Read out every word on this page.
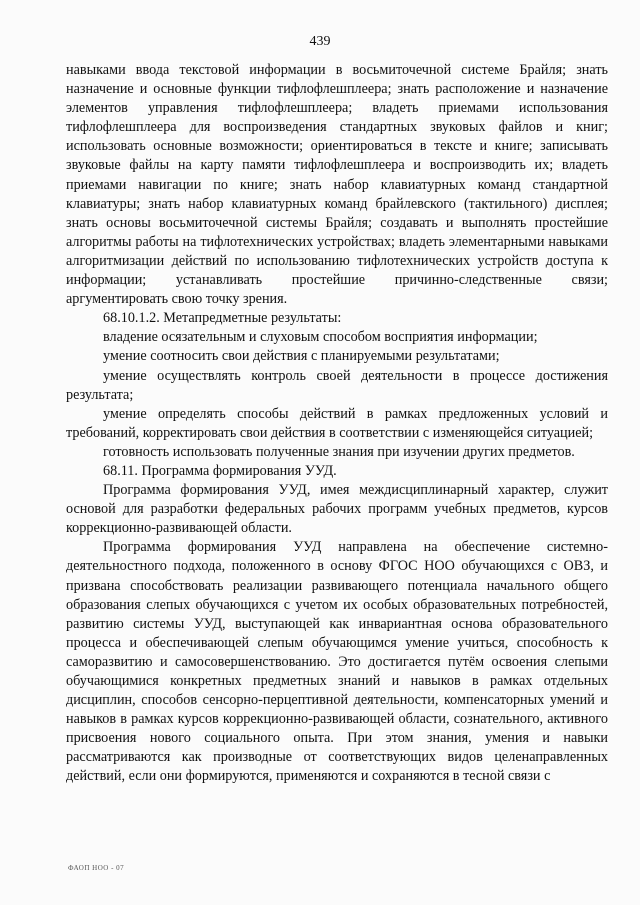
439

навыками ввода текстовой информации в восьмиточечной системе Брайля; знать назначение и основные функции тифлофлешплеера; знать расположение и назначение элементов управления тифлофлешплеера; владеть приемами использования тифлофлешплеера для воспроизведения стандартных звуковых файлов и книг; использовать основные возможности; ориентироваться в тексте и книге; записывать звуковые файлы на карту памяти тифлофлешплеера и воспроизводить их; владеть приемами навигации по книге; знать набор клавиатурных команд стандартной клавиатуры; знать набор клавиатурных команд брайлевского (тактильного) дисплея; знать основы восьмиточечной системы Брайля; создавать и выполнять простейшие алгоритмы работы на тифлотехнических устройствах; владеть элементарными навыками алгоритмизации действий по использованию тифлотехнических устройств доступа к информации; устанавливать простейшие причинно-следственные связи; аргументировать свою точку зрения.

68.10.1.2. Метапредметные результаты:

владение осязательным и слуховым способом восприятия информации;

умение соотносить свои действия с планируемыми результатами;

умение осуществлять контроль своей деятельности в процессе достижения результата;

умение определять способы действий в рамках предложенных условий и требований, корректировать свои действия в соответствии с изменяющейся ситуацией;

готовность использовать полученные знания при изучении других предметов.

68.11. Программа формирования УУД.

Программа формирования УУД, имея междисциплинарный характер, служит основой для разработки федеральных рабочих программ учебных предметов, курсов коррекционно-развивающей области.

Программа формирования УУД направлена на обеспечение системно-деятельностного подхода, положенного в основу ФГОС НОО обучающихся с ОВЗ, и призвана способствовать реализации развивающего потенциала начального общего образования слепых обучающихся с учетом их особых образовательных потребностей, развитию системы УУД, выступающей как инвариантная основа образовательного процесса и обеспечивающей слепым обучающимся умение учиться, способность к саморазвитию и самосовершенствованию. Это достигается путём освоения слепыми обучающимися конкретных предметных знаний и навыков в рамках отдельных дисциплин, способов сенсорно-перцептивной деятельности, компенсаторных умений и навыков в рамках курсов коррекционно-развивающей области, сознательного, активного присвоения нового социального опыта. При этом знания, умения и навыки рассматриваются как производные от соответствующих видов целенаправленных действий, если они формируются, применяются и сохраняются в тесной связи с

ФАОП НОО - 07
